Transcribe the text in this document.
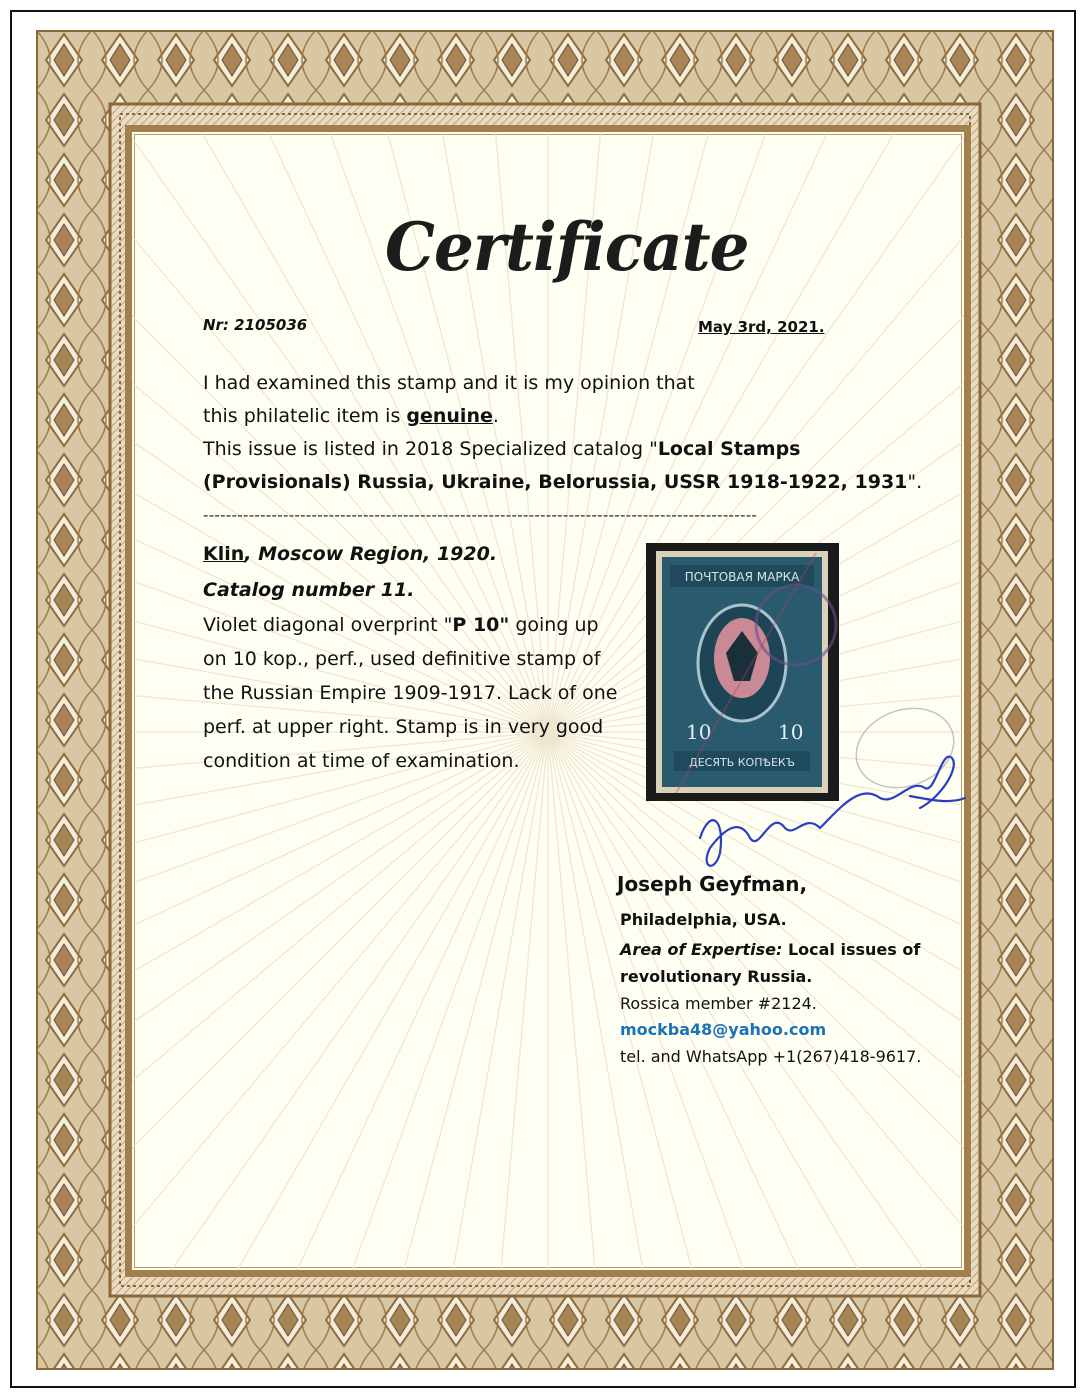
Certificate
Nr: 2105036	May 3rd, 2021.
I had examined this stamp and it is my opinion that
this philatelic item is genuine.
This issue is listed in 2018 Specialized catalog "Local Stamps
(Provisionals) Russia, Ukraine, Belorussia, USSR 1918-1922, 1931".
-------------------------------------------------------------------------------------------------
Klin, Moscow Region, 1920.
Catalog number 11.
Violet diagonal overprint "P 10" going up on 10 kop., perf., used definitive stamp of the Russian Empire 1909-1917. Lack of one perf. at upper right. Stamp is in very good condition at time of examination.
ПОЧТОВАЯ МАРКА
10	10
ДЕСЯТЬ КОПѢЕКЪ
Joseph Geyfman,
Philadelphia, USA.
Area of Expertise: Local issues of
revolutionary Russia.
Rossica member #2124.
mockba48@yahoo.com
tel. and WhatsApp +1(267)418-9617.
